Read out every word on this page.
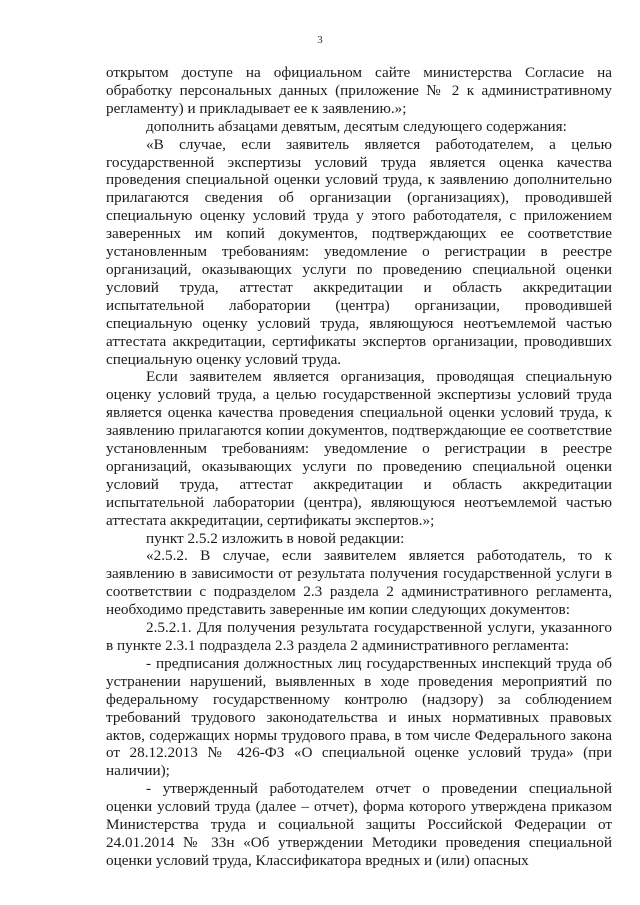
3

открытом доступе на официальном сайте министерства Согласие на обработку персональных данных (приложение № 2 к административному регламенту) и прикладывает ее к заявлению.»;

дополнить абзацами девятым, десятым следующего содержания:

«В случае, если заявитель является работодателем, а целью государственной экспертизы условий труда является оценка качества проведения специальной оценки условий труда, к заявлению дополнительно прилагаются сведения об организации (организациях), проводившей специальную оценку условий труда у этого работодателя, с приложением заверенных им копий документов, подтверждающих ее соответствие установленным требованиям: уведомление о регистрации в реестре организаций, оказывающих услуги по проведению специальной оценки условий труда, аттестат аккредитации и область аккредитации испытательной лаборатории (центра) организации, проводившей специальную оценку условий труда, являющуюся неотъемлемой частью аттестата аккредитации, сертификаты экспертов организации, проводивших специальную оценку условий труда.

Если заявителем является организация, проводящая специальную оценку условий труда, а целью государственной экспертизы условий труда является оценка качества проведения специальной оценки условий труда, к заявлению прилагаются копии документов, подтверждающие ее соответствие установленным требованиям: уведомление о регистрации в реестре организаций, оказывающих услуги по проведению специальной оценки условий труда, аттестат аккредитации и область аккредитации испытательной лаборатории (центра), являющуюся неотъемлемой частью аттестата аккредитации, сертификаты экспертов.»;

пункт 2.5.2 изложить в новой редакции:

«2.5.2. В случае, если заявителем является работодатель, то к заявлению в зависимости от результата получения государственной услуги в соответствии с подразделом 2.3 раздела 2 административного регламента, необходимо представить заверенные им копии следующих документов:

2.5.2.1. Для получения результата государственной услуги, указанного в пункте 2.3.1 подраздела 2.3 раздела 2 административного регламента:

- предписания должностных лиц государственных инспекций труда об устранении нарушений, выявленных в ходе проведения мероприятий по федеральному государственному контролю (надзору) за соблюдением требований трудового законодательства и иных нормативных правовых актов, содержащих нормы трудового права, в том числе Федерального закона от 28.12.2013 № 426-ФЗ «О специальной оценке условий труда» (при наличии);

- утвержденный работодателем отчет о проведении специальной оценки условий труда (далее – отчет), форма которого утверждена приказом Министерства труда и социальной защиты Российской Федерации от 24.01.2014 № 33н «Об утверждении Методики проведения специальной оценки условий труда, Классификатора вредных и (или) опасных
